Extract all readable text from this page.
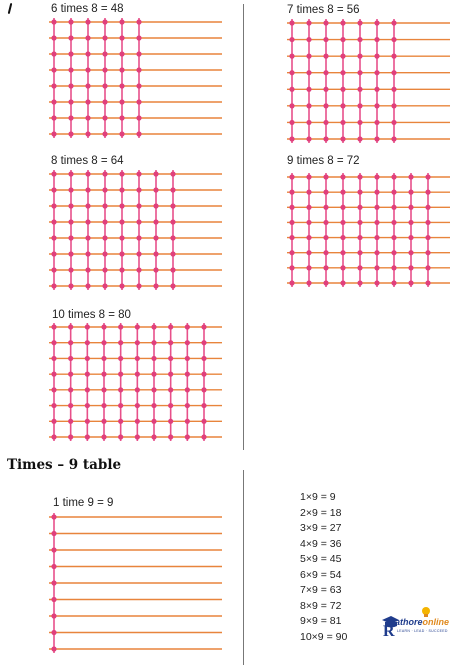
6 times 8 = 48	7 times 8 = 56
8 times 8 = 64	9 times 8 = 72
10 times 8 = 80
Times – 9 table
1 time 9 = 9	1×9 = 9
2×9 = 18
3×9 = 27
4×9 = 36
5×9 = 45
6×9 = 54
7×9 = 63
8×9 = 72
9×9 = 81
10×9 = 90 R
athoreonline
LEARN · LEAD · SUCCEED
